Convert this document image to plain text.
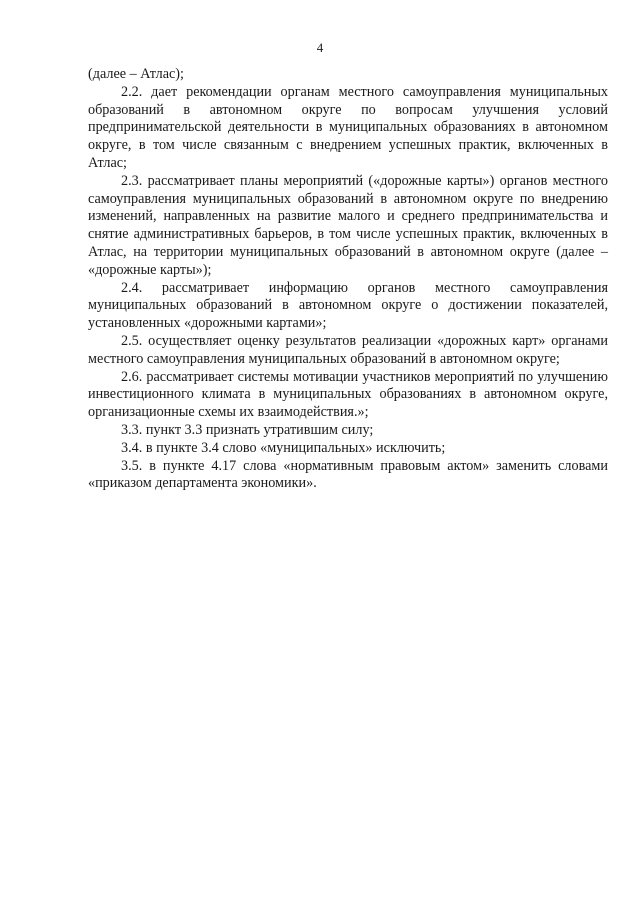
4

(далее – Атлас);

2.2. дает рекомендации органам местного самоуправления муниципальных образований в автономном округе по вопросам улучшения условий предпринимательской деятельности в муниципальных образованиях в автономном округе, в том числе связанным с внедрением успешных практик, включенных в Атлас;

2.3. рассматривает планы мероприятий («дорожные карты») органов местного самоуправления муниципальных образований в автономном округе по внедрению изменений, направленных на развитие малого и среднего предпринимательства и снятие административных барьеров, в том числе успешных практик, включенных в Атлас, на территории муниципальных образований в автономном округе (далее – «дорожные карты»);

2.4. рассматривает информацию органов местного самоуправления муниципальных образований в автономном округе о достижении показателей, установленных «дорожными картами»;

2.5. осуществляет оценку результатов реализации «дорожных карт» органами местного самоуправления муниципальных образований в автономном округе;

2.6. рассматривает системы мотивации участников мероприятий по улучшению инвестиционного климата в муниципальных образованиях в автономном округе, организационные схемы их взаимодействия.»;

3.3. пункт 3.3 признать утратившим силу;

3.4. в пункте 3.4 слово «муниципальных» исключить;

3.5. в пункте 4.17 слова «нормативным правовым актом» заменить словами «приказом департамента экономики».
